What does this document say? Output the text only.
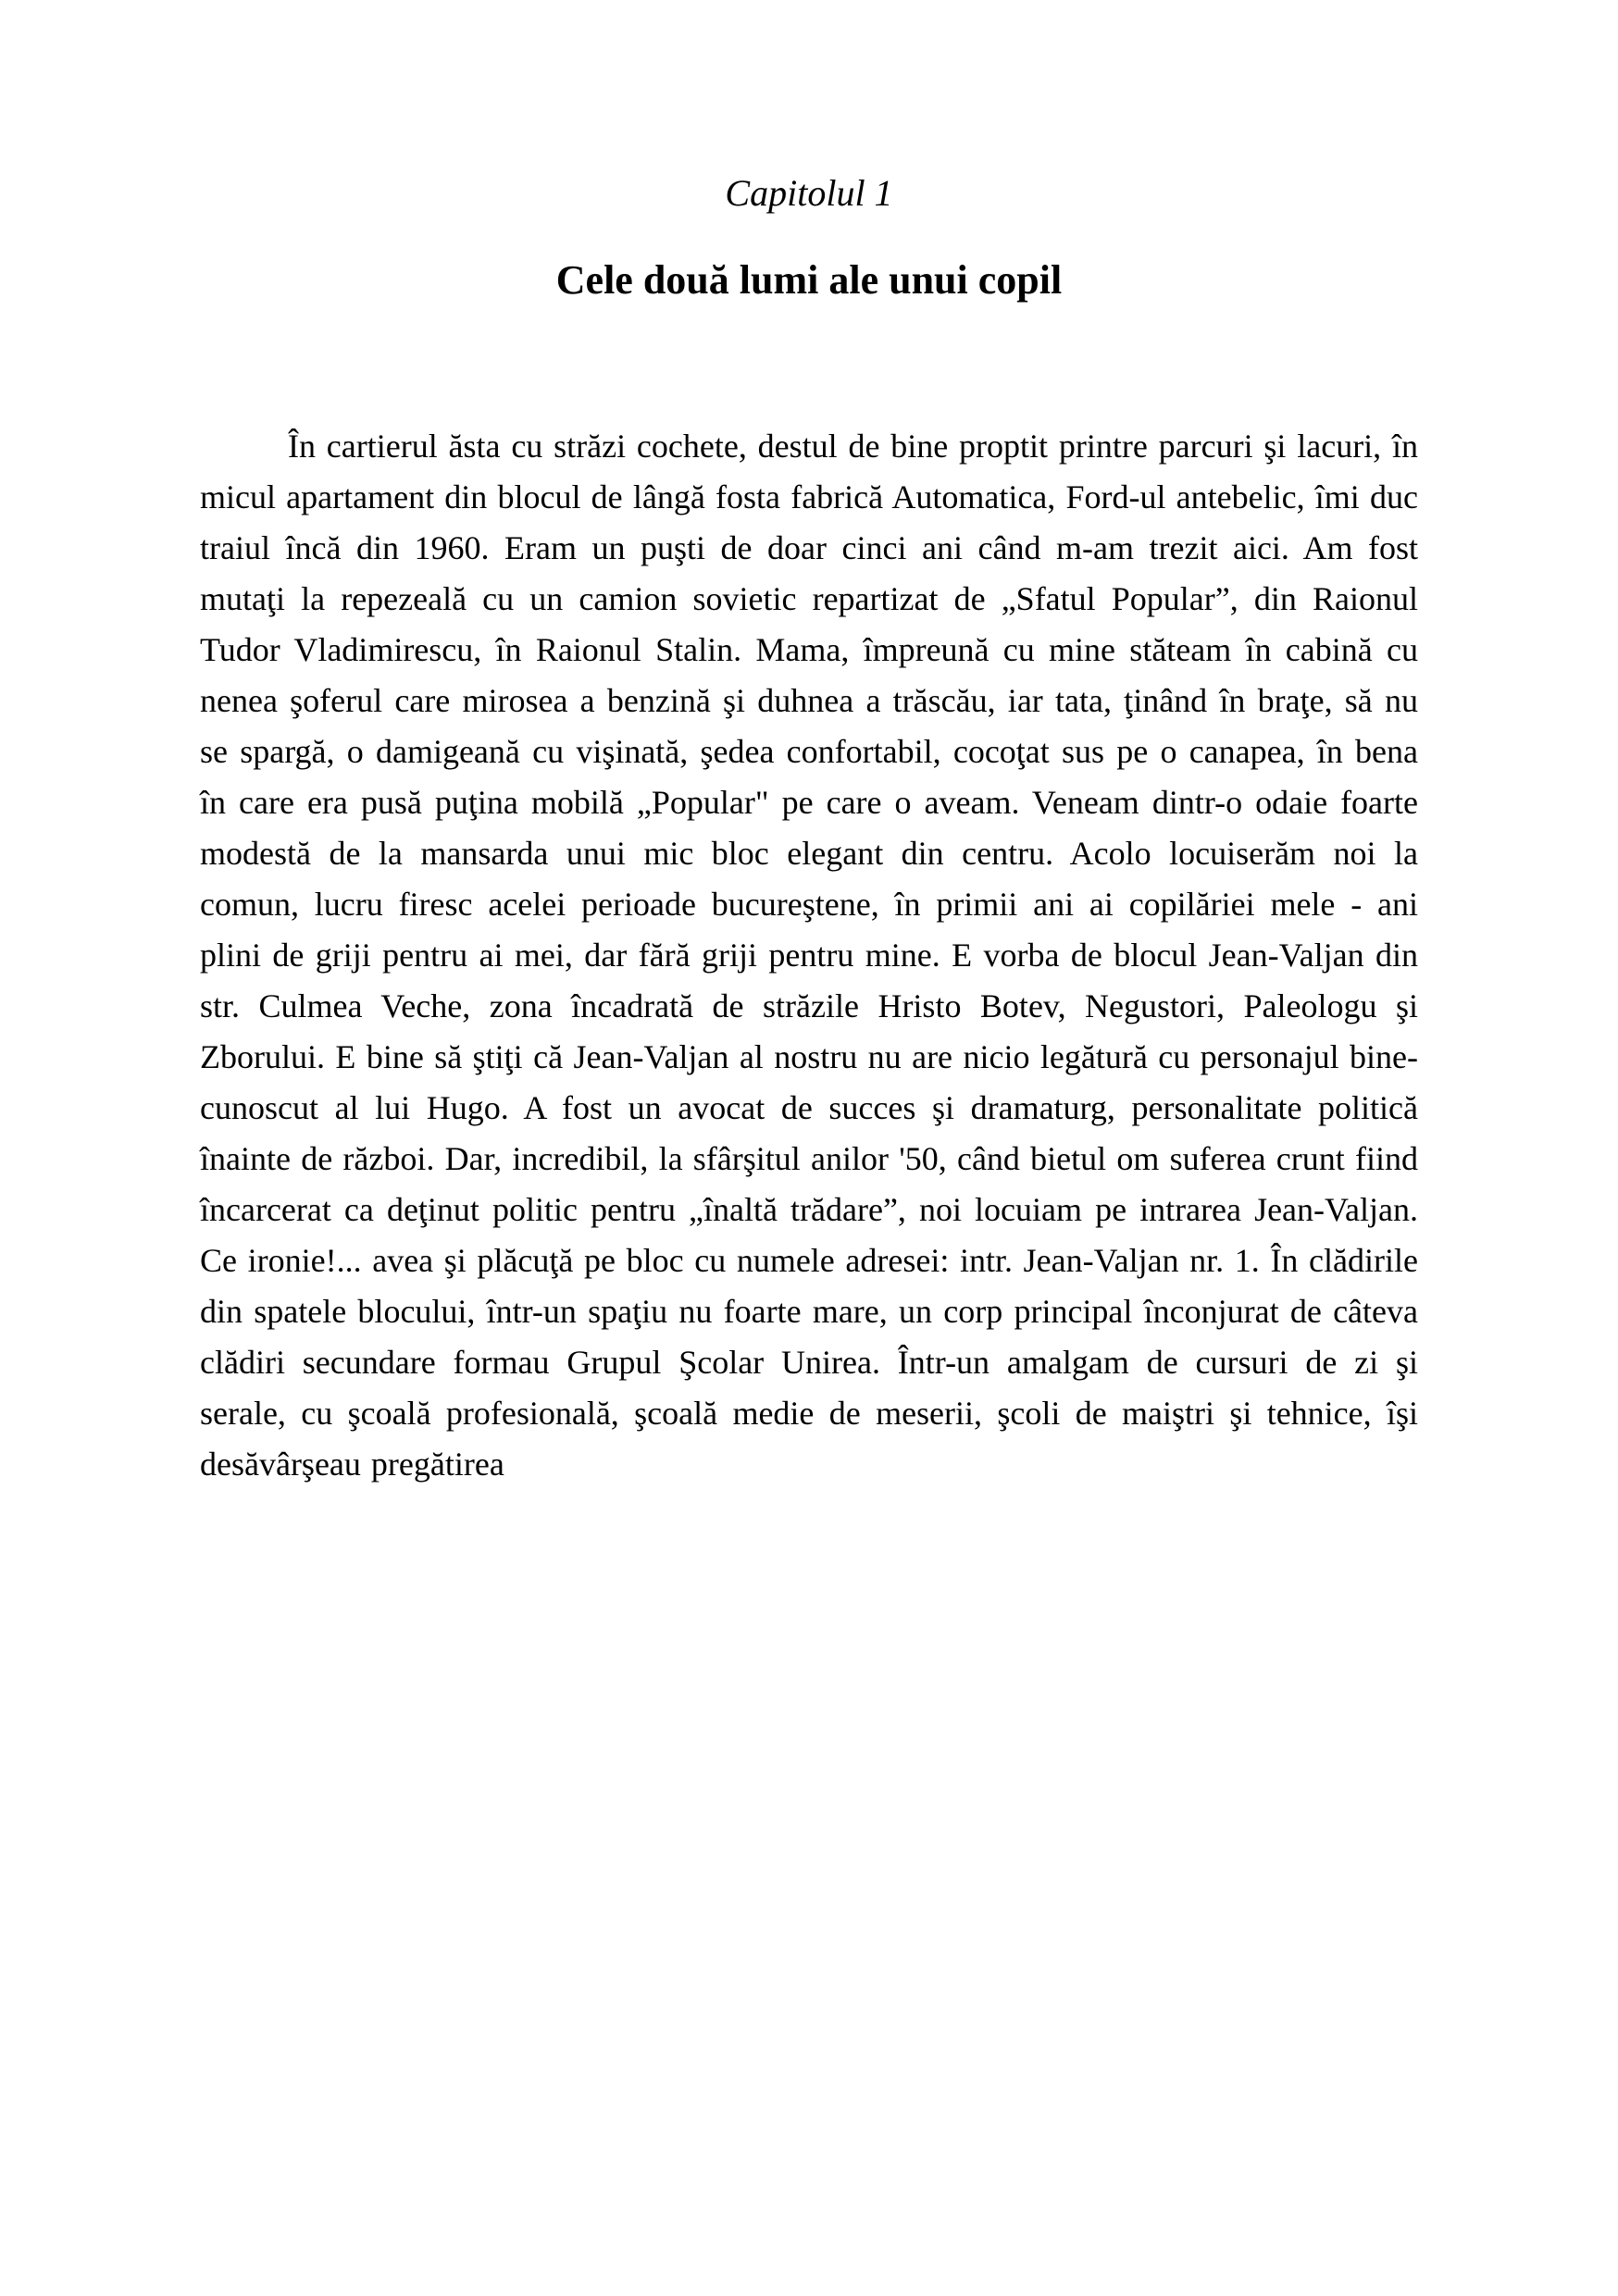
Capitolul 1
Cele două lumi ale unui copil

În cartierul ăsta cu străzi cochete, destul de bine proptit printre parcuri şi lacuri, în micul apartament din blocul de lângă fosta fabrică Automatica, Ford-ul antebelic, îmi duc traiul încă din 1960. Eram un puşti de doar cinci ani când m-am trezit aici. Am fost mutaţi la repezeală cu un camion sovietic repartizat de „Sfatul Popular”, din Raionul Tudor Vladimirescu, în Raionul Stalin. Mama, împreună cu mine stăteam în cabină cu nenea şoferul care mirosea a benzină şi duhnea a trăscău, iar tata, ţinând în braţe, să nu se spargă, o damigeană cu vişinată, şedea confortabil, cocoţat sus pe o canapea, în bena în care era pusă puţina mobilă „Popular" pe care o aveam. Veneam dintr-o odaie foarte modestă de la mansarda unui mic bloc elegant din centru. Acolo locuiserăm noi la comun, lucru firesc acelei perioade bucureştene, în primii ani ai copilăriei mele - ani plini de griji pentru ai mei, dar fără griji pentru mine. E vorba de blocul Jean-Valjan din str. Culmea Veche, zona încadrată de străzile Hristo Botev, Negustori, Paleologu şi Zborului. E bine să ştiţi că Jean-Valjan al nostru nu are nicio legătură cu personajul bine-cunoscut al lui Hugo. A fost un avocat de succes şi dramaturg, personalitate politică înainte de război. Dar, incredibil, la sfârşitul anilor '50, când bietul om suferea crunt fiind încarcerat ca deţinut politic pentru „înaltă trădare”, noi locuiam pe intrarea Jean-Valjan. Ce ironie!... avea şi plăcuţă pe bloc cu numele adresei: intr. Jean-Valjan nr. 1. În clădirile din spatele blocului, într-un spaţiu nu foarte mare, un corp principal înconjurat de câteva clădiri secundare formau Grupul Şcolar Unirea. Într-un amalgam de cursuri de zi şi serale, cu şcoală profesională, şcoală medie de meserii, şcoli de maiştri şi tehnice, îşi desăvârşeau pregătirea
